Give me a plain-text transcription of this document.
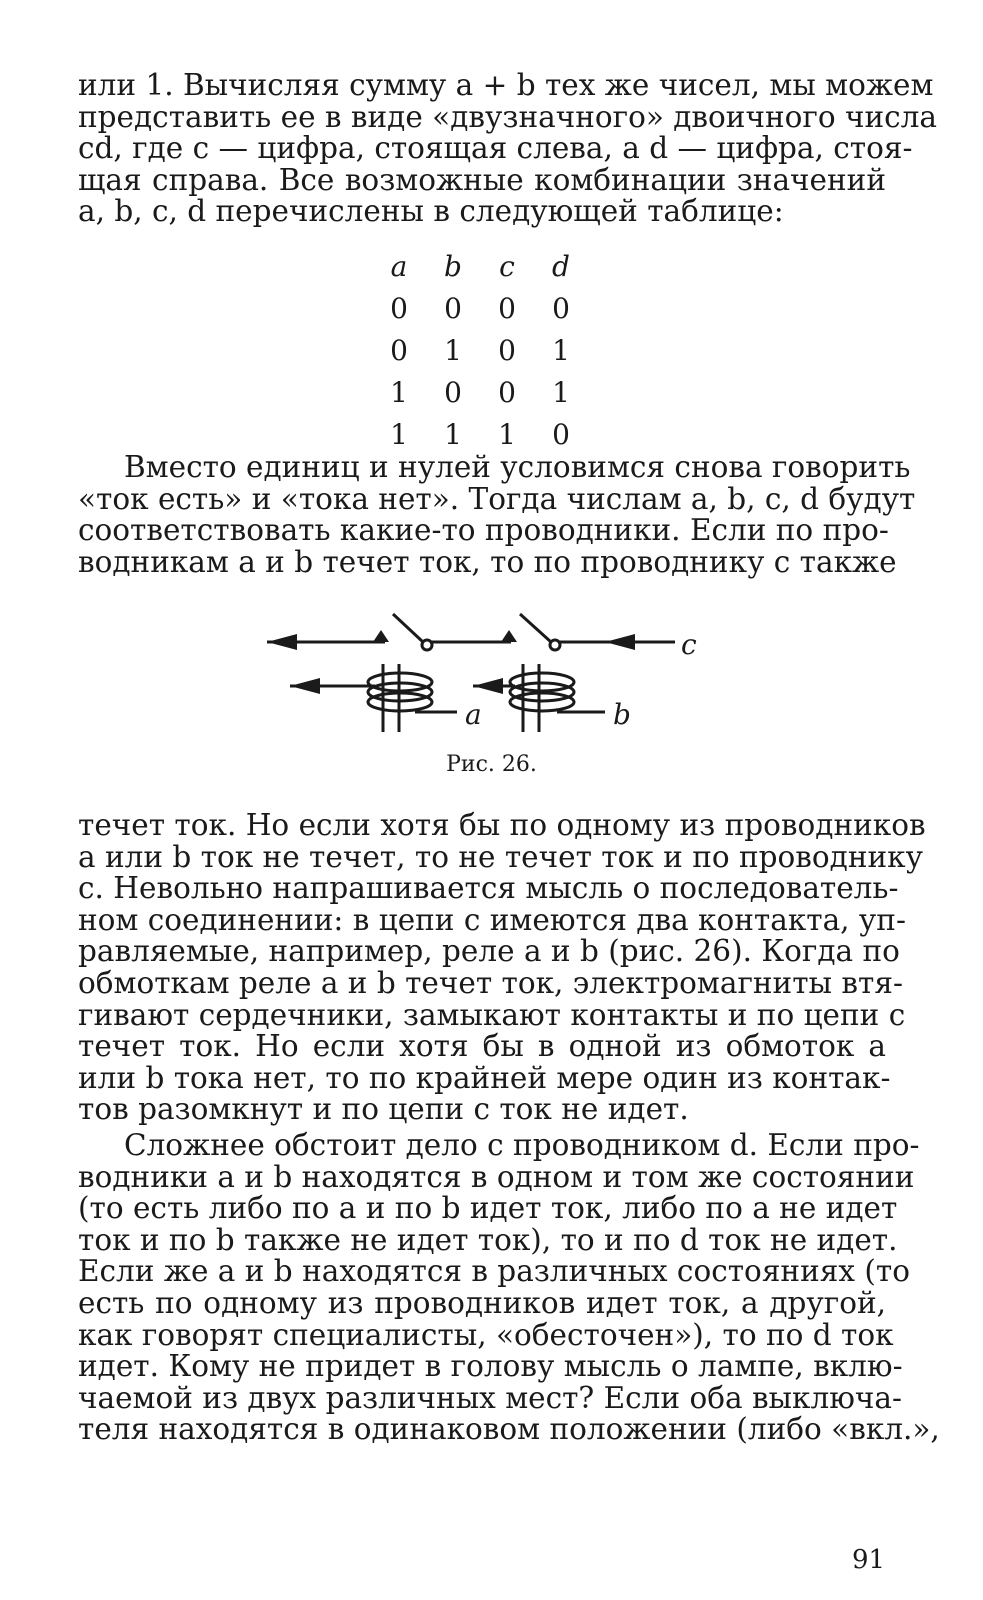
или 1. Вычисляя сумму a + b тех же чисел, мы можем
представить ее в виде «двузначного» двоичного числа
cd, где c — цифра, стоящая слева, а d — цифра, стоя-
щая справа. Все возможные комбинации значений
a, b, c, d перечислены в следующей таблице:
a	b	c	d
0	0	0	0
0	1	0	1
1	0	0	1
1	1	1	0
Вместо единиц и нулей условимся снова говорить
«ток есть» и «тока нет». Тогда числам a, b, c, d будут
соответствовать какие-то проводники. Если по про-
водникам a и b течет ток, то по проводнику c также
c
a	b
Рис. 26.
течет ток. Но если хотя бы по одному из проводников
a или b ток не течет, то не течет ток и по проводнику
c. Невольно напрашивается мысль о последователь-
ном соединении: в цепи c имеются два контакта, уп-
равляемые, например, реле a и b (рис. 26). Когда по
обмоткам реле a и b течет ток, электромагниты втя-
гивают сердечники, замыкают контакты и по цепи c
течет ток. Но если хотя бы в одной из обмоток a
или b тока нет, то по крайней мере один из контак-
тов разомкнут и по цепи c ток не идет.
Сложнее обстоит дело с проводником d. Если про-
водники a и b находятся в одном и том же состоянии
(то есть либо по a и по b идет ток, либо по a не идет
ток и по b также не идет ток), то и по d ток не идет.
Если же a и b находятся в различных состояниях (то
есть по одному из проводников идет ток, а другой,
как говорят специалисты, «обесточен»), то по d ток
идет. Кому не придет в голову мысль о лампе, вклю-
чаемой из двух различных мест? Если оба выключа-
теля находятся в одинаковом положении (либо «вкл.»,
91
